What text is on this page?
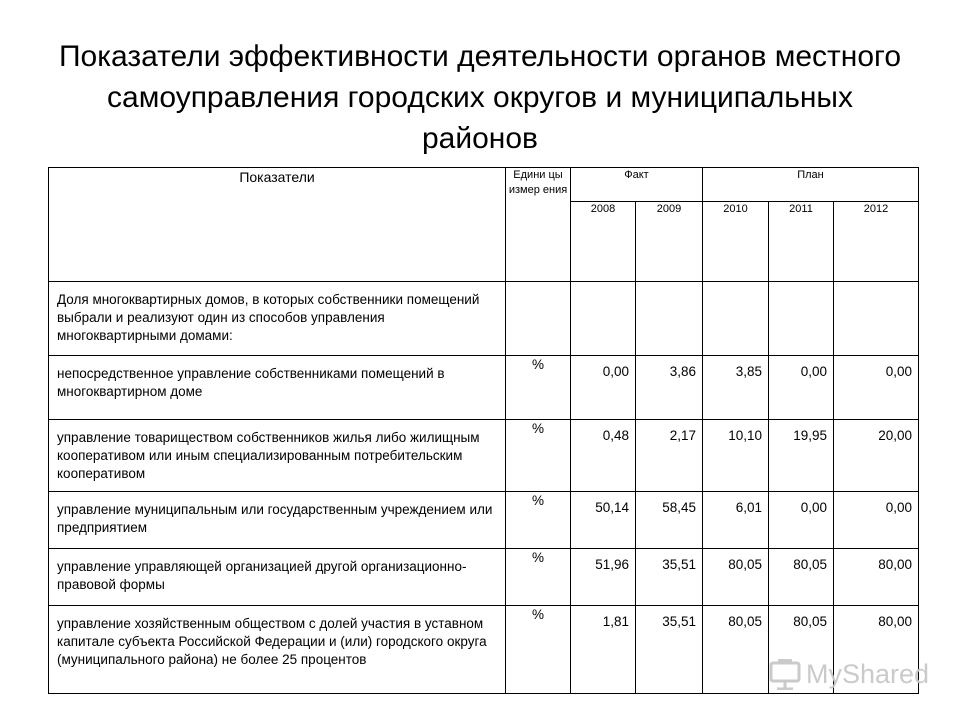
Показатели эффективности деятельности органов местного
самоуправления городских округов и муниципальных
районов
Показатели	Едини цы измер ения	Факт		План		
		2008	2009	2010	2011	2012
Доля многоквартирных домов, в которых собственники помещений выбрали и реализуют один из способов управления многоквартирными домами:						
непосредственное управление собственниками помещений в многоквартирном доме	%	0,00	3,86	3,85	0,00	0,00
управление товариществом собственников жилья либо жилищным кооперативом или иным специализированным потребительским кооперативом	%	0,48	2,17	10,10	19,95	20,00
управление муниципальным или государственным учреждением или предприятием	%	50,14	58,45	6,01	0,00	0,00
управление управляющей организацией другой организационно-правовой формы	%	51,96	35,51	80,05	80,05	80,00
управление хозяйственным обществом с долей участия в уставном капитале субъекта Российской Федерации и (или) городского округа (муниципального района) не более 25 процентов	%	1,81	35,51	80,05	80,05	80,00
MyShared
